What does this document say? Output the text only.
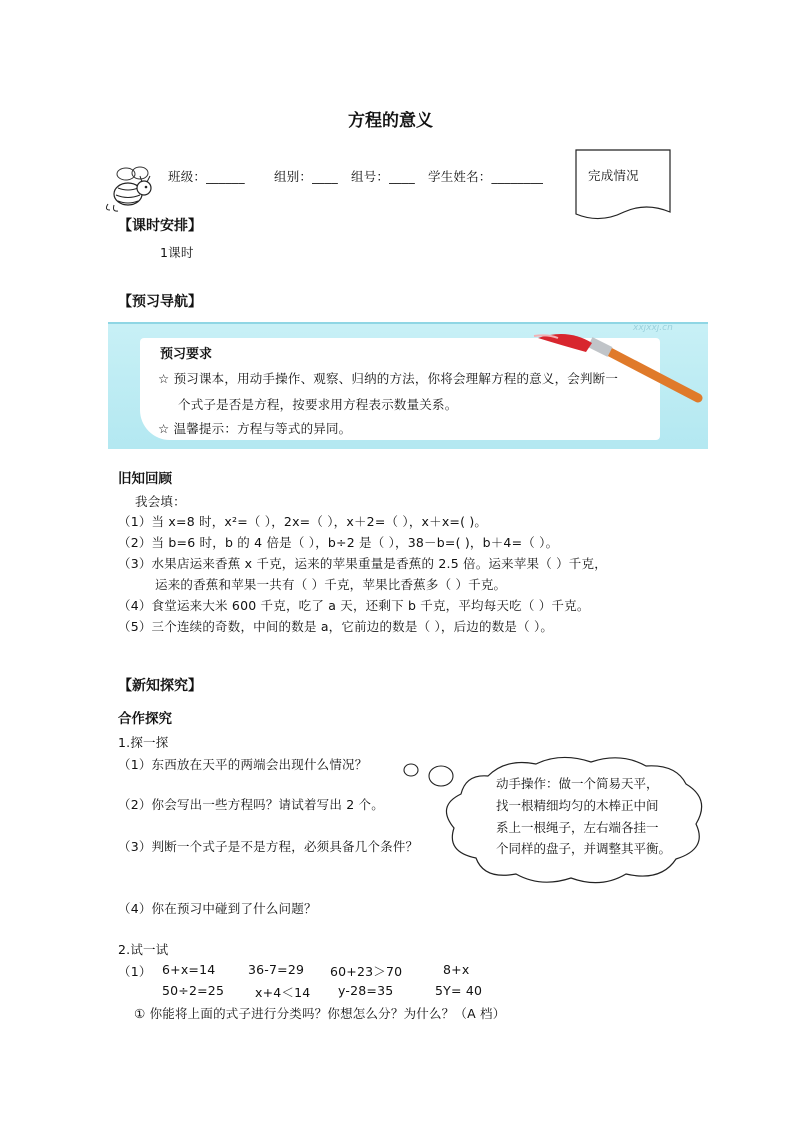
方程的意义
班级：______ 组别：____ 组号：____ 学生姓名：________	完成情况
【课时安排】
1课时
【预习导航】
xxjxxj.cn
预习要求
☆ 预习课本，用动手操作、观察、归纳的方法，你将会理解方程的意义，会判断一
个式子是否是方程，按要求用方程表示数量关系。
☆ 温馨提示：方程与等式的异同。
旧知回顾
我会填：
（1）当 x=8 时，x²=（ ），2x=（ ），x＋2=（ ），x＋x=( )。
（2）当 b=6 时，b 的 4 倍是（ ），b÷2 是（ ），38－b=( )，b＋4=（ ）。
（3）水果店运来香蕉 x 千克，运来的苹果重量是香蕉的 2.5 倍。运来苹果（ ）千克，
运来的香蕉和苹果一共有（ ）千克，苹果比香蕉多（ ）千克。
（4）食堂运来大米 600 千克，吃了 a 天，还剩下 b 千克，平均每天吃（ ）千克。
（5）三个连续的奇数，中间的数是 a，它前边的数是（ ），后边的数是（ ）。
【新知探究】
合作探究
1.探一探
（1）东西放在天平的两端会出现什么情况？
（2）你会写出一些方程吗？请试着写出 2 个。
（3）判断一个式子是不是方程，必须具备几个条件？
（4）你在预习中碰到了什么问题？
动手操作：做一个简易天平，
找一根精细均匀的木棒正中间
系上一根绳子，左右端各挂一
个同样的盘子，并调整其平衡。
2.试一试
（1） 6+x=14	36-7=29 60+23＞70	8+x
50÷2=25 x+4＜14 y-28=35	5Y= 40
① 你能将上面的式子进行分类吗？你想怎么分？为什么？（A 档）
